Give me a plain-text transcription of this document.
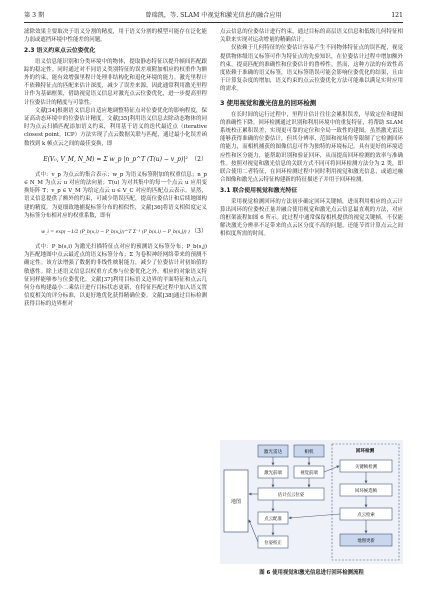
第 3 期	曾瑞凯，等. SLAM 中视觉和激光信息的融合应用	121

滤除效果主要取决于语义分割的精度，用于语义分割的模型可能存在泛化能力弱或遮挡环境中性能差的问题。

2.3 语义约束点云位姿优化

语义信息能识别和分类环境中的物体，提取静态特征以提升帧间匹配跟踪的稳定性。同时通过对不同语义类别特征的误差项附加相应的权重作为额外的约束，能有效增强里程计处理非结构化和退化环境的能力。激光里程计不依赖特征点的匹配来估计深度，减少了误差来源，因此通常利用激光里程计作为基础框架，借助视觉语义信息对激光点云位姿优化，进一步提高里程计位姿估计的精度与可靠性。

文献[34]根据语义信息自适应地调整特征点对位姿优化的影响程度，保证高动态环境中的位姿估计精度。文献[35]利用语义信息去除动态物体的同时为点云扫描匹配添加语义约束，利用基于语义的迭代最近点（iterative closest point，ICP）方法实现了点云数据关联与匹配，通过最小化误差函数找到 k 帧点云之间的最佳变换，即

E(V₀, V_M, N_M) = Σ w_p |n_p^T (T(u) − v_p)|² （2）

式中：v_p 为点云的集合表示；w_p 为语义标签附加的权重信息；n_p ∈ N_M 为点云 u 对应的法向量；T(u) 为对其集中的每一个点云 u 应用变换矩阵 T；v_p ∈ V_M 为给定点云 u ∈ V_C 对应的匹配点云表示。显然，语义信息提供了额外的约束，可减少错误匹配，提高位姿估计和后续地图构建的精度。为更细致地捕捉标签分布的相似性，文献[36]将语义相似度定义为标签分布相对应的权重系数，即有

w_i = exp( −1/2 (P_b(s,i) − P_b(s,j))^T Σ⁻¹ (P_b(s,i) − P_b(s,j)) ) （3）

式中：P_b(s,i) 为激光扫描特征点对应的预测语义标签分布；P_b(s,j) 为匹配地图中点云最近点的语义标签分布；Σ 为卷积神经网络带来的预测不确定性。该方法增强了数据的非线性映射能力，减少了位姿估计对初始值的敏感性。除上述语义信息以权重方式参与位姿优化之外，相应的对象语义特征同样能够参与位姿优化。文献[37]利用目标语义边界的平面特征和点云几何分布构建最小二乘估计进行目标状态更新，在特征匹配过程中加入语义置信度相关的评分标准，以更好地优化获得精确位姿。文献[38]通过目标检测获得目标的边界框对

点云信息的位姿估计进行约束，通过目标的高层语义信息和低级几何特征相关联来实现对运动增量的精确估计。

仅依赖于几何特征的位姿估计容易产生不同物体特征点的误匹配，视觉提供物体级语义标签可作为特征点的先验知识，在位姿估计过程中增加额外约束，提高匹配的准确性和位姿估计的鲁棒性。然而，这种方法的有效性高度依赖于准确的语义标签，语义标签错误可能会影响位姿优化的结果，且由于计算复杂度的增加，语义约束的点云位姿优化方法可能难以满足实时应用的需求。

3 使用视觉和激光信息的回环检测

在长时间的运行过程中，里程计估计往往会累积误差，导致定位和建图的准确性下降。回环检测通过识别和利用环境中的重复特征，将帮助 SLAM 系统校正累积误差，实现更可靠的定位和全局一致性的建图。虽然激光雷达能够获得准确的位姿估计，但其分辨率、范围和视场角等限制了它检测回环的能力，而相机捕获的图像信息可作为独特的环境标记，具有更好的环境适应性和区分能力，能帮助识别和验证回环，从而提高回环检测的效率与准确性。按照对视觉和激光信息的关联方式不同可将回环检测方法分为 2 类，即联合使用二者特征，在回环检测过程中同时利用视觉和激光信息，或通过融合图像和激光点云特征构建新的特征描述子并用于回环检测。

3.1 联合使用视觉和激光特征

采用视觉检测回环的方法初步确定回环关键帧，进而利用相应的点云计算出回环的位姿校正量并融合使用视觉和激光点云信息最直观的方法，对应的框架流程如图 6 所示。此过程中通常保留相机提供的视觉关键帧，不仅能解决激光分辨率不足带来的点云区分度不高的问题，还能节省计算点云之间相似度所需的时间。

地图
激光雷达	相机
激光前端	视觉前端
估计点云位姿
点云配准
位姿校正
回环检测
关键帧检测
回环候选帧
点云检索
地图更新
图 6 使用视觉和激光信息进行回环检测流程
